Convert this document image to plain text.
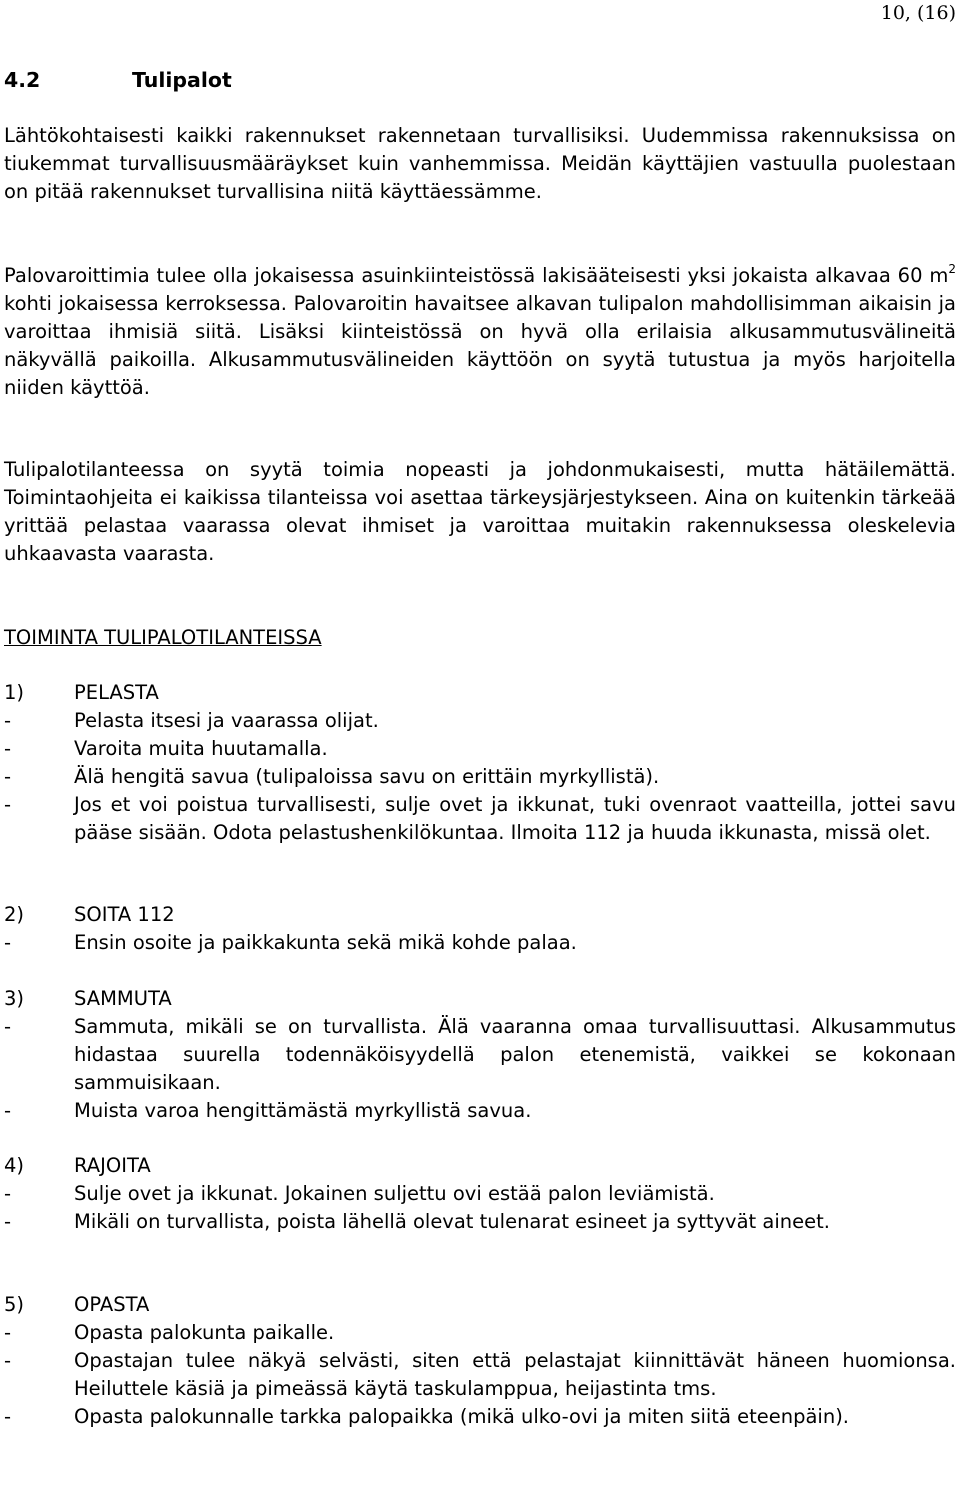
10, (16)
4.2	Tulipalot

Lähtökohtaisesti kaikki rakennukset rakennetaan turvallisiksi. Uudemmissa rakennuksissa on tiukemmat turvallisuusmääräykset kuin vanhemmissa. Meidän käyttäjien vastuulla puolestaan on pitää rakennukset turvallisina niitä käyttäessämme.

Palovaroittimia tulee olla jokaisessa asuinkiinteistössä lakisääteisesti yksi jokaista alkavaa 60 $m^2$ kohti jokaisessa kerroksessa. Palovaroitin havaitsee alkavan tulipalon mahdollisimman aikaisin ja varoittaa ihmisiä siitä. Lisäksi kiinteistössä on hyvä olla erilaisia alkusammutusvälineitä näkyvällä paikoilla. Alkusammutusvälineiden käyttöön on syytä tutustua ja myös harjoitella niiden käyttöä.

Tulipalotilanteessa on syytä toimia nopeasti ja johdonmukaisesti, mutta hätäilemättä. Toimintaohjeita ei kaikissa tilanteissa voi asettaa tärkeysjärjestykseen. Aina on kuitenkin tärkeää yrittää pelastaa vaarassa olevat ihmiset ja varoittaa muitakin rakennuksessa oleskelevia uhkaavasta vaarasta.

TOIMINTA TULIPALOTILANTEISSA

1)	PELASTA

-	Pelasta itsesi ja vaarassa olijat.

-	Varoita muita huutamalla.

-	Älä hengitä savua (tulipaloissa savu on erittäin myrkyllistä).

-	Jos et voi poistua turvallisesti, sulje ovet ja ikkunat, tuki ovenraot vaatteilla, jottei savu pääse sisään. Odota pelastushenkilökuntaa. Ilmoita 112 ja huuda ikkunasta, missä olet.

2)	SOITA 112

-	Ensin osoite ja paikkakunta sekä mikä kohde palaa.

3)	SAMMUTA

-	Sammuta, mikäli se on turvallista. Älä vaaranna omaa turvallisuuttasi. Alkusammutus hidastaa suurella todennäköisyydellä palon etenemistä, vaikkei se kokonaan sammuisikaan.

-	Muista varoa hengittämästä myrkyllistä savua.

4)	RAJOITA

-	Sulje ovet ja ikkunat. Jokainen suljettu ovi estää palon leviämistä.

-	Mikäli on turvallista, poista lähellä olevat tulenarat esineet ja syttyvät aineet.

5)	OPASTA

-	Opasta palokunta paikalle.

-	Opastajan tulee näkyä selvästi, siten että pelastajat kiinnittävät häneen huomionsa. Heiluttele käsiä ja pimeässä käytä taskulamppua, heijastinta tms.

-	Opasta palokunnalle tarkka palopaikka (mikä ulko-ovi ja miten siitä eteenpäin).
